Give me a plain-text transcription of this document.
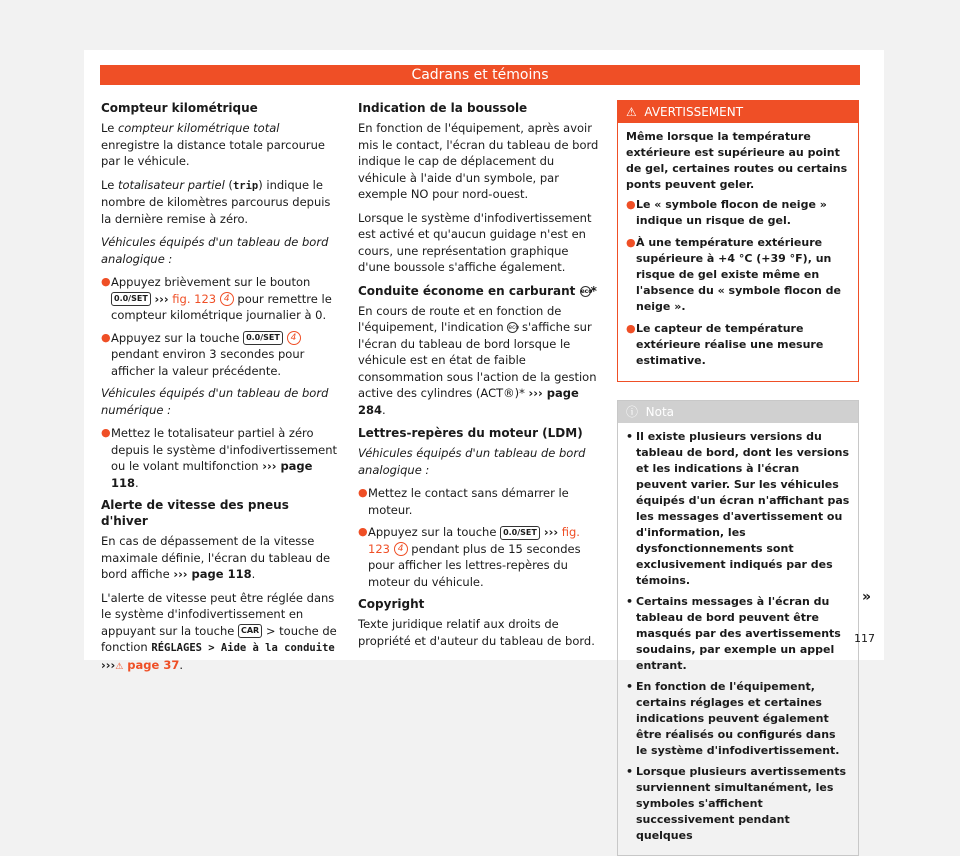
Cadrans et témoins
Compteur kilométrique

Le compteur kilométrique total enregistre la distance totale parcourue par le véhicule.

Le totalisateur partiel (trip) indique le nombre de kilomètres parcourus depuis la dernière remise à zéro.

Véhicules équipés d'un tableau de bord analogique :

● Appuyez brièvement sur le bouton 0.0/SET ››› fig. 123 4 pour remettre le compteur kilométrique journalier à 0.
● Appuyez sur la touche 0.0/SET 4 pendant environ 3 secondes pour afficher la valeur précédente.

Véhicules équipés d'un tableau de bord numérique :

● Mettez le totalisateur partiel à zéro depuis le système d'infodivertissement ou le volant multifonction ››› page 118.
Alerte de vitesse des pneus d'hiver

En cas de dépassement de la vitesse maximale définie, l'écran du tableau de bord affiche ››› page 118.

L'alerte de vitesse peut être réglée dans le système d'infodivertissement en appuyant sur la touche CAR > touche de fonction RÉGLAGES > Aide à la conduite ›››⚠ page 37.

Indication de la boussole

En fonction de l'équipement, après avoir mis le contact, l'écran du tableau de bord indique le cap de déplacement du véhicule à l'aide d'un symbole, par exemple NO pour nord-ouest.

Lorsque le système d'infodivertissement est activé et qu'aucun guidage n'est en cours, une représentation graphique d'une boussole s'affiche également.

Conduite économe en carburant eco*

En cours de route et en fonction de l'équipement, l'indication eco s'affiche sur l'écran du tableau de bord lorsque le véhicule est en état de faible consommation sous l'action de la gestion active des cylindres (ACT®)* ››› page 284.

Lettres-repères du moteur (LDM)

Véhicules équipés d'un tableau de bord analogique :

● Mettez le contact sans démarrer le moteur.
● Appuyez sur la touche 0.0/SET ››› fig. 123 4 pendant plus de 15 secondes pour afficher les lettres-repères du moteur du véhicule.
Copyright

Texte juridique relatif aux droits de propriété et d'auteur du tableau de bord.

⚠ AVERTISSEMENT

Même lorsque la température extérieure est supérieure au point de gel, certaines routes ou certains ponts peuvent geler.

● Le « symbole flocon de neige » indique un risque de gel.
● À une température extérieure supérieure à +4 °C (+39 °F), un risque de gel existe même en l'absence du « symbole flocon de neige ».
● Le capteur de température extérieure réalise une mesure estimative.
ⓘ Nota
• Il existe plusieurs versions du tableau de bord, dont les versions et les indications à l'écran peuvent varier. Sur les véhicules équipés d'un écran n'affichant pas les messages d'avertissement ou d'information, les dysfonctionnements sont exclusivement indiqués par des témoins.
• Certains messages à l'écran du tableau de bord peuvent être masqués par des avertissements soudains, par exemple un appel entrant.
• En fonction de l'équipement, certains réglages et certaines indications peuvent également être réalisés ou configurés dans le système d'infodivertissement.
• Lorsque plusieurs avertissements surviennent simultanément, les symboles s'affichent successivement pendant quelques
»
117
